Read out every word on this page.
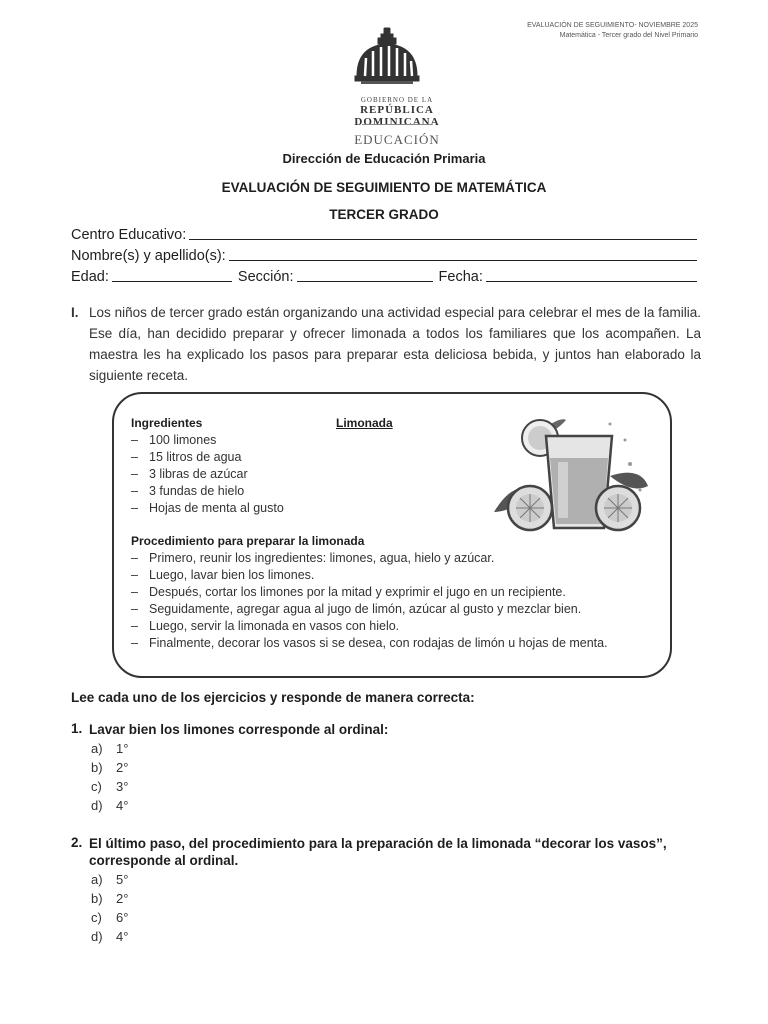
EVALUACIÓN DE SEGUIMIENTO- NOVIEMBRE 2025
Matemática - Tercer grado del Nivel Primario
GOBIERNO DE LA
REPÚBLICA DOMINICANA
EDUCACIÓN
Dirección de Educación Primaria
EVALUACIÓN DE SEGUIMIENTO DE MATEMÁTICA
TERCER GRADO
Centro Educativo:
Nombre(s) y apellido(s):
Edad:	Sección:	Fecha:
I. Los niños de tercer grado están organizando una actividad especial para celebrar el mes de la familia. Ese día, han decidido preparar y ofrecer limonada a todos los familiares que los acompañen. La maestra les ha explicado los pasos para preparar esta deliciosa bebida, y juntos han elaborado la siguiente receta.
Ingredientes	Limonada
– 100 limones
– 15 litros de agua
– 3 libras de azúcar
– 3 fundas de hielo
– Hojas de menta al gusto
Procedimiento para preparar la limonada
– Primero, reunir los ingredientes: limones, agua, hielo y azúcar.
– Luego, lavar bien los limones.
– Después, cortar los limones por la mitad y exprimir el jugo en un recipiente.
– Seguidamente, agregar agua al jugo de limón, azúcar al gusto y mezclar bien.
– Luego, servir la limonada en vasos con hielo.
– Finalmente, decorar los vasos si se desea, con rodajas de limón u hojas de menta.
Lee cada uno de los ejercicios y responde de manera correcta:
1. Lavar bien los limones corresponde al ordinal:
a) 1°
b) 2°
c) 3°
d) 4°
2. El último paso, del procedimiento para la preparación de la limonada “decorar los vasos”, corresponde al ordinal.
a) 5°
b) 2°
c) 6°
d) 4°
